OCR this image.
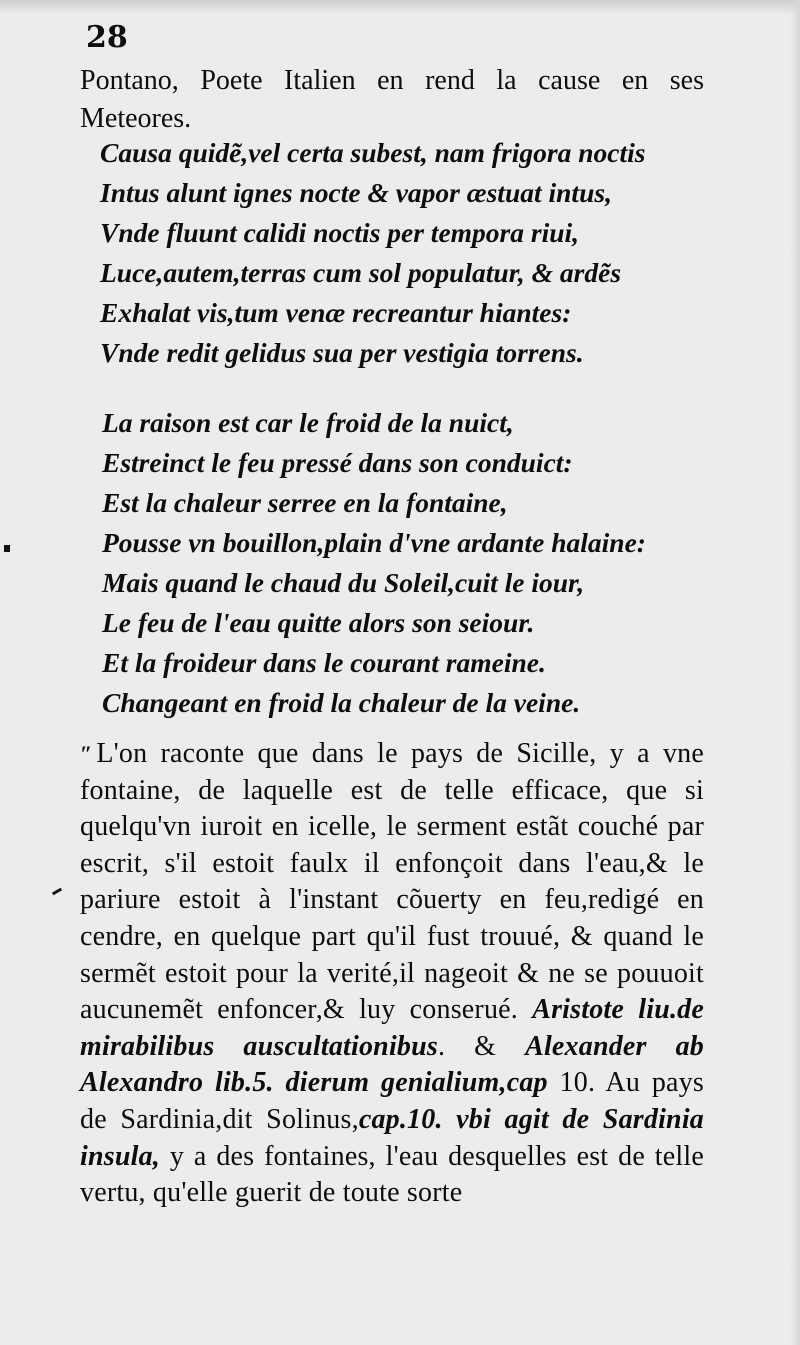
28
Pontano, Poete Italien en rend la cause en ses Meteores.
Causa quidẽ,vel certa subest, nam frigora noctis
Intus alunt ignes nocte & vapor æstuat intus,
Vnde fluunt calidi noctis per tempora riui,
Luce,autem,terras cum sol populatur, & ardẽs
Exhalat vis,tum venæ recreantur hiantes:
Vnde redit gelidus sua per vestigia torrens.
La raison est car le froid de la nuict,
Estreinct le feu pressé dans son conduict:
Est la chaleur serree en la fontaine,
Pousse vn bouillon,plain d'vne ardante halaine:
Mais quand le chaud du Soleil,cuit le iour,
Le feu de l'eau quitte alors son seiour.
Et la froideur dans le courant rameine.
Changeant en froid la chaleur de la veine.
″ L'on raconte que dans le pays de Sicille, y a vne fontaine, de laquelle est de telle efficace, que si quelqu'vn iuroit en icelle, le serment estãt couché par escrit, s'il estoit faulx il enfonçoit dans l'eau,& le pariure estoit à l'instant cõuerty en feu,redigé en cendre, en quelque part qu'il fust trouué, & quand le sermẽt estoit pour la verité,il nageoit & ne se pouuoit aucunemẽt enfoncer,& luy conserué. Aristote liu.de mirabilibus auscultationibus. & Alexander ab Alexandro lib.5. dierum genialium,cap 10. Au pays de Sardinia,dit Solinus,cap.10. vbi agit de Sardinia insula, y a des fontaines, l'eau desquelles est de telle vertu, qu'elle guerit de toute sorte
